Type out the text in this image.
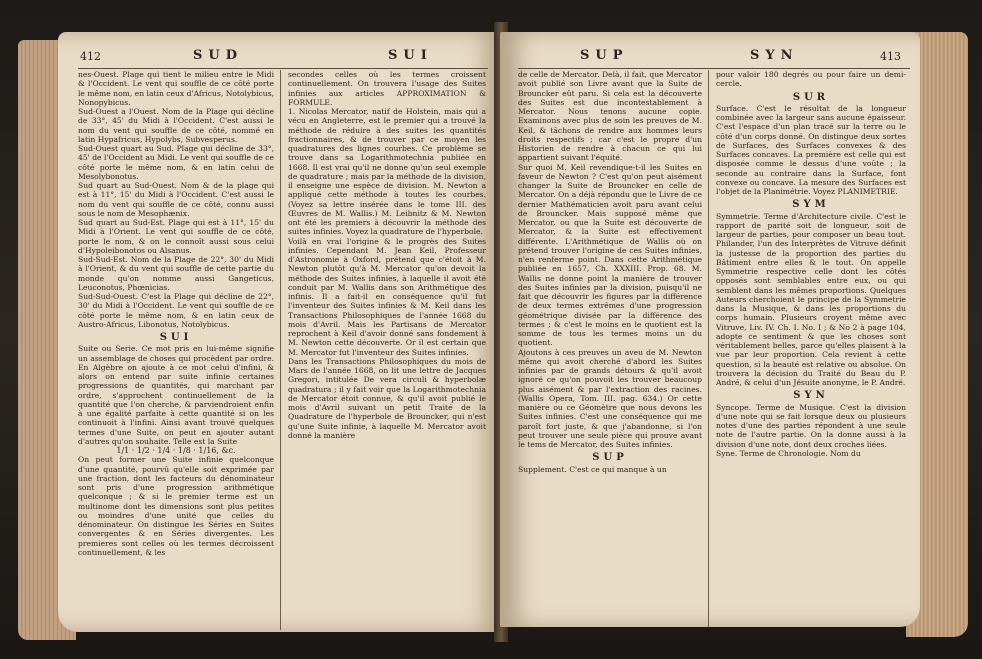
412	SUD	SUI

nes-Ouest. Plage qui tient le milieu entre le Midi & l'Occident. Le vent qui souffle de ce côté porte le même nom, en latin ceux d'Africus, Notolybicus, Nonopybicus.

Sud-Ouest a l'Ouest. Nom de la Plage qui décline de 33°, 45' du Midi à l'Occident. C'est aussi le nom du vent qui souffle de ce côté, nommé en latin Hypafricus, Hypolybs, Subvesperus.

Sud-Ouest quart au Sud. Plage qui décline de 33°, 45' de l'Occident au Midi. Le vent qui souffle de ce côté porte le même nom, & en latin celui de Mesolybonotus.

Sud quart au Sud-Ouest. Nom & de la plage qui est à 11°, 15' du Midi à l'Occident. C'est aussi le nom du vent qui souffle de ce côté, connu aussi sous le nom de Mesophænix.

Sud quart au Sud-Est. Plage qui est à 11°, 15' du Midi à l'Orient. Le vent qui souffle de ce côté, porte le nom, & on le connoît aussi sous celui d'Hypoleibonotos ou Alsanus.

Sud-Sud-Est. Nom de la Plage de 22°, 30' du Midi à l'Orient, & du vent qui souffle de cette partie du monde qu'on nomme aussi Gangeticus, Leuconotus, Phœnicias.

Sud-Sud-Ouest. C'est la Plage qui décline de 22°, 30' du Midi à l'Occident. Le vent qui souffle de ce côté porte le même nom, & en latin ceux de Austro-Africus, Libonotus, Notolybicus.

SUI

Suite ou Serie. Ce mot pris en lui-même signifie un assemblage de choses qui procèdent par ordre. En Algèbre on ajoute à ce mot celui d'infini, & alors on entend par suite infinie certaines progressions de quantités, qui marchant par ordre, s'approchent continuellement de la quantité que l'on cherche, & parviendroient enfin à une égalité parfaite à cette quantité si on les continuoit à l'infini. Ainsi avant trouvé quelques termes d'une Suite, on peut en ajouter autant d'autres qu'on souhaite. Telle est la Suite

1/1 · 1/2 · 1/4 · 1/8 · 1/16, &c.

On peut former une Suite infinie quelconque d'une quantité, pourvû qu'elle soit exprimée par une fraction, dont les facteurs du dénominateur sont pris d'une progression arithmétique quelconque ; & si le premier terme est un multinome dont les dimensions sont plus petites ou moindres d'une unité que celles du dénominateur. On distingue les Séries en Suites convergentes & en Séries divergentes. Les premieres sont celles où les termes décroissent continuellement, & les

secondes celles où les termes croissent continuellement. On trouvera l'usage des Suites infinies aux articles APPROXIMATION & FORMULE.

1. Nicolas Mercator, natif de Holstein, mais qui a vécu en Angleterre, est le premier qui a trouvé la méthode de réduire à des suites les quantités fractionnaires, & de trouver par ce moyen les quadratures des lignes courbes. Ce problème se trouve dans sa Logarithmotechnia publiée en 1668. Il est vrai qu'il ne donne qu'un seul exemple de quadrature ; mais par la méthode de la division, il enseigne une espèce de division. M. Newton a appliqué cette méthode à toutes les courbes. (Voyez sa lettre insérée dans le tome III. des Œuvres de M. Wallis.) M. Leibnitz & M. Newton ont été les premiers à découvrir la méthode des suites infinies. Voyez la quadrature de l'hyperbole.

Voilà en vrai l'origine & le progrès des Suites infinies. Cependant M. Jean Keil, Professeur d'Astronomie à Oxford, prétend que c'étoit à M. Newton plutôt qu'à M. Mercator qu'on devoit la méthode des Suites infinies, à laquelle il avoit été conduit par M. Wallis dans son Arithmétique des infinis. Il a fait-il en conséquence qu'il fut l'inventeur des Suites infinies & M. Keil dans les Transactions Philosophiques de l'année 1668 du mois d'Avril. Mais les Partisans de Mercator reprochent à Keil d'avoir donné sans fondement à M. Newton cette découverte. Or il est certain que M. Mercator fut l'inventeur des Suites infinies.

Dans les Transactions Philosophiques du mois de Mars de l'année 1668, on lit une lettre de Jacques Gregori, intitulée De vera circuli & hyperbolæ quadratura ; il y fait voir que la Logarithmotechnia de Mercator étoit connue, & qu'il avoit publié le mois d'Avril suivant un petit Traité de la Quadrature de l'hyperbole de Brouncker, qui n'est qu'une Suite infinie, à laquelle M. Mercator avoit donné la manière

SUP	SYN	413

de celle de Mercator. Delà, il fait, que Mercator avoit publié son Livre avant que la Suite de Brouncker eût paru. Si cela est la découverte des Suites est due incontestablement à Mercator. Nous tenons aucune copie. Examinons avec plus de soin les preuves de M. Keil, & tâchons de rendre aux hommes leurs droits respectifs ; car c'est le propre d'un Historien de rendre à chacun ce qui lui appartient suivant l'équité.

Sur quoi M. Keil revendique-t-il les Suites en faveur de Newton ? C'est qu'on peut aisément changer la Suite de Brouncker en celle de Mercator. On a déjà répondu que le Livre de ce dernier Mathématicien avoit paru avant celui de Brouncker. Mais supposé même que Mercator, ou que la Suite est découverte de Mercator, & la Suite est effectivement différente. L'Arithmétique de Wallis où on prétend trouver l'origine de ces Suites infinies, n'en renferme point. Dans cette Arithmétique publiée en 1657, Ch. XXXIII. Prop. 68. M. Wallis ne donne point la manière de trouver des Suites infinies par la division, puisqu'il ne fait que découvrir les figures par la différence de deux termes extrêmes d'une progression géométrique divisée par la différence des termes ; & c'est le moins en le quotient est la somme de tous les termes moins un du quotient.

Ajoutons à ces preuves un aveu de M. Newton même qui avoit cherché d'abord les Suites infinies par de grands détours & qu'il avoit ignoré ce qu'on pouvoit les trouver beaucoup plus aisément & par l'extraction des racines. (Wallis Opera, Tom. III. pag. 634.) Or cette manière ou ce Géomètre que nous devons les Suites infinies. C'est une conséquence qui me paroît fort juste, & que j'abandonne, si l'on peut trouver une seule pièce qui prouve avant le tems de Mercator, des Suites infinies.

SUP

Supplement. C'est ce qui manque à un

pour valoir 180 degrés ou pour faire un demi-cercle.

SUR

Surface. C'est le résultat de la longueur combinée avec la largeur sans aucune épaisseur. C'est l'espace d'un plan tracé sur la terre ou le côté d'un corps donné. On distingue deux sortes de Surfaces, des Surfaces convexes & des Surfaces concaves. La première est celle qui est disposée comme le dessus d'une voûte ; la seconde au contraire dans la Surface, font convexe ou concave. La mesure des Surfaces est l'objet de la Planimétrie. Voyez PLANIMETRIE.

SYM

Symmetrie. Terme d'Architecture civile. C'est le rapport de parité soit de longueur, soit de largeur de parties, pour composer un beau tout. Philander, l'un des Interprètes de Vitruve définit la justesse de la proportion des parties du Bâtiment entre elles & le tout. On appelle Symmetrie respective celle dont les côtés opposés sont semblables entre eux, ou qui semblent dans les mêmes proportions. Quelques Auteurs cherchoient le principe de la Symmetrie dans la Musique, & dans les proportions du corps humain. Plusieurs croyent même avec Vitruve, Liv. IV. Ch. I. No. I ; & No 2 à page 104, adopte ce sentiment & que les choses sont véritablement belles, parce qu'elles plaisent à la vue par leur proportion. Cela revient à cette question, si la beauté est relative ou absolue. On trouvera la décision du Traité du Beau du P. André, & celui d'un Jésuite anonyme, le P. André.

SYN

Syncope. Terme de Musique. C'est la division d'une note qui se fait lorsque deux ou plusieurs notes d'une des parties répondent à une seule note de l'autre partie. On la donne aussi à la division d'une note, dont deux croches liées.

Syne. Terme de Chronologie. Nom du
